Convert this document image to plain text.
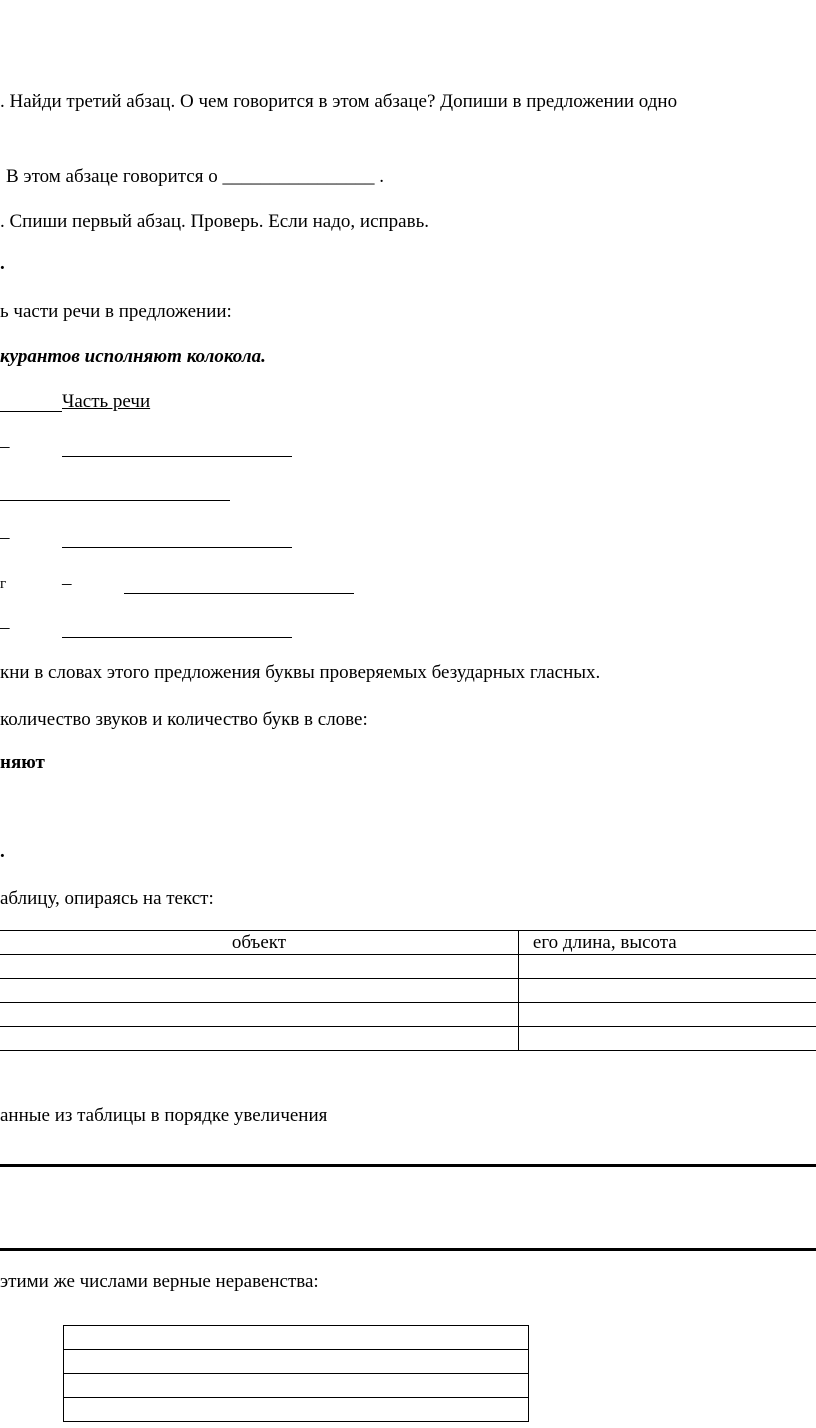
. Найди третий абзац. О чем говорится в этом абзаце? Допиши в предложении одно
В этом абзаце говорится о ________________ .
. Спиши первый абзац. Проверь. Если надо, исправь.
.
ь части речи в предложении:
курантов исполняют колокола.
Часть речи
–
–
г	–
–
кни в словах этого предложения буквы проверяемых безударных гласных.
количество звуков и количество букв в слове:
няют
.
аблицу, опираясь на текст:
объект	его длина, высота

анные из таблицы в порядке увеличения
этими же числами верные неравенства:
